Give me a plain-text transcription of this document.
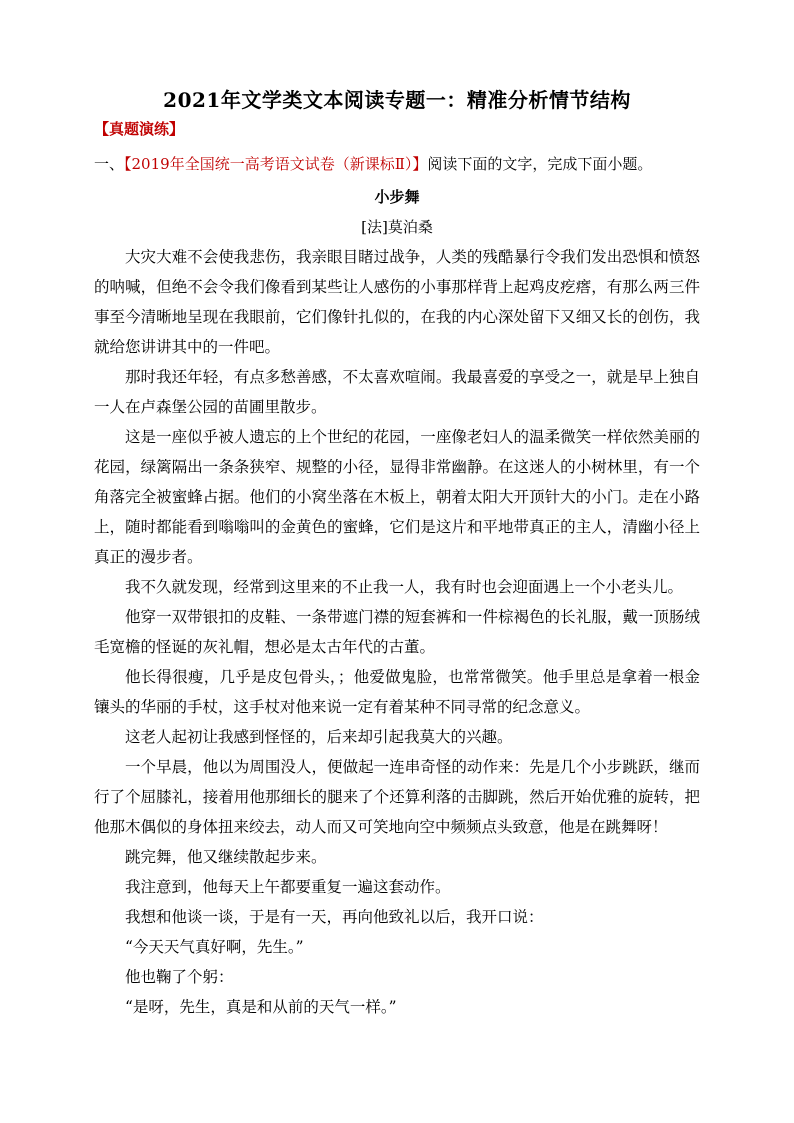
2021年文学类文本阅读专题一：精准分析情节结构
【真题演练】
一、【2019年全国统一高考语文试卷（新课标Ⅱ）】阅读下面的文字，完成下面小题。
小步舞
[法]莫泊桑

大灾大难不会使我悲伤，我亲眼目睹过战争，人类的残酷暴行令我们发出恐惧和愤怒的呐喊，但绝不会令我们像看到某些让人感伤的小事那样背上起鸡皮疙瘩，有那么两三件事至今清晰地呈现在我眼前，它们像针扎似的，在我的内心深处留下又细又长的创伤，我就给您讲讲其中的一件吧。

那时我还年轻，有点多愁善感，不太喜欢喧闹。我最喜爱的享受之一，就是早上独自一人在卢森堡公园的苗圃里散步。

这是一座似乎被人遗忘的上个世纪的花园，一座像老妇人的温柔微笑一样依然美丽的花园，绿篱隔出一条条狭窄、规整的小径，显得非常幽静。在这迷人的小树林里，有一个角落完全被蜜蜂占据。他们的小窝坐落在木板上，朝着太阳大开顶针大的小门。走在小路上，随时都能看到嗡嗡叫的金黄色的蜜蜂，它们是这片和平地带真正的主人，清幽小径上真正的漫步者。

我不久就发现，经常到这里来的不止我一人，我有时也会迎面遇上一个小老头儿。

他穿一双带银扣的皮鞋、一条带遮门襟的短套裤和一件棕褐色的长礼服，戴一顶肠绒毛宽檐的怪诞的灰礼帽，想必是太古年代的古董。

他长得很瘦，几乎是皮包骨头，；他爱做鬼脸，也常常微笑。他手里总是拿着一根金镶头的华丽的手杖，这手杖对他来说一定有着某种不同寻常的纪念意义。

这老人起初让我感到怪怪的，后来却引起我莫大的兴趣。

一个早晨，他以为周围没人，便做起一连串奇怪的动作来：先是几个小步跳跃，继而行了个屈膝礼，接着用他那细长的腿来了个还算利落的击脚跳，然后开始优雅的旋转，把他那木偶似的身体扭来绞去，动人而又可笑地向空中频频点头致意，他是在跳舞呀！

跳完舞，他又继续散起步来。

我注意到，他每天上午都要重复一遍这套动作。

我想和他谈一谈，于是有一天，再向他致礼以后，我开口说：

“今天天气真好啊，先生。”

他也鞠了个躬：

“是呀，先生，真是和从前的天气一样。”
